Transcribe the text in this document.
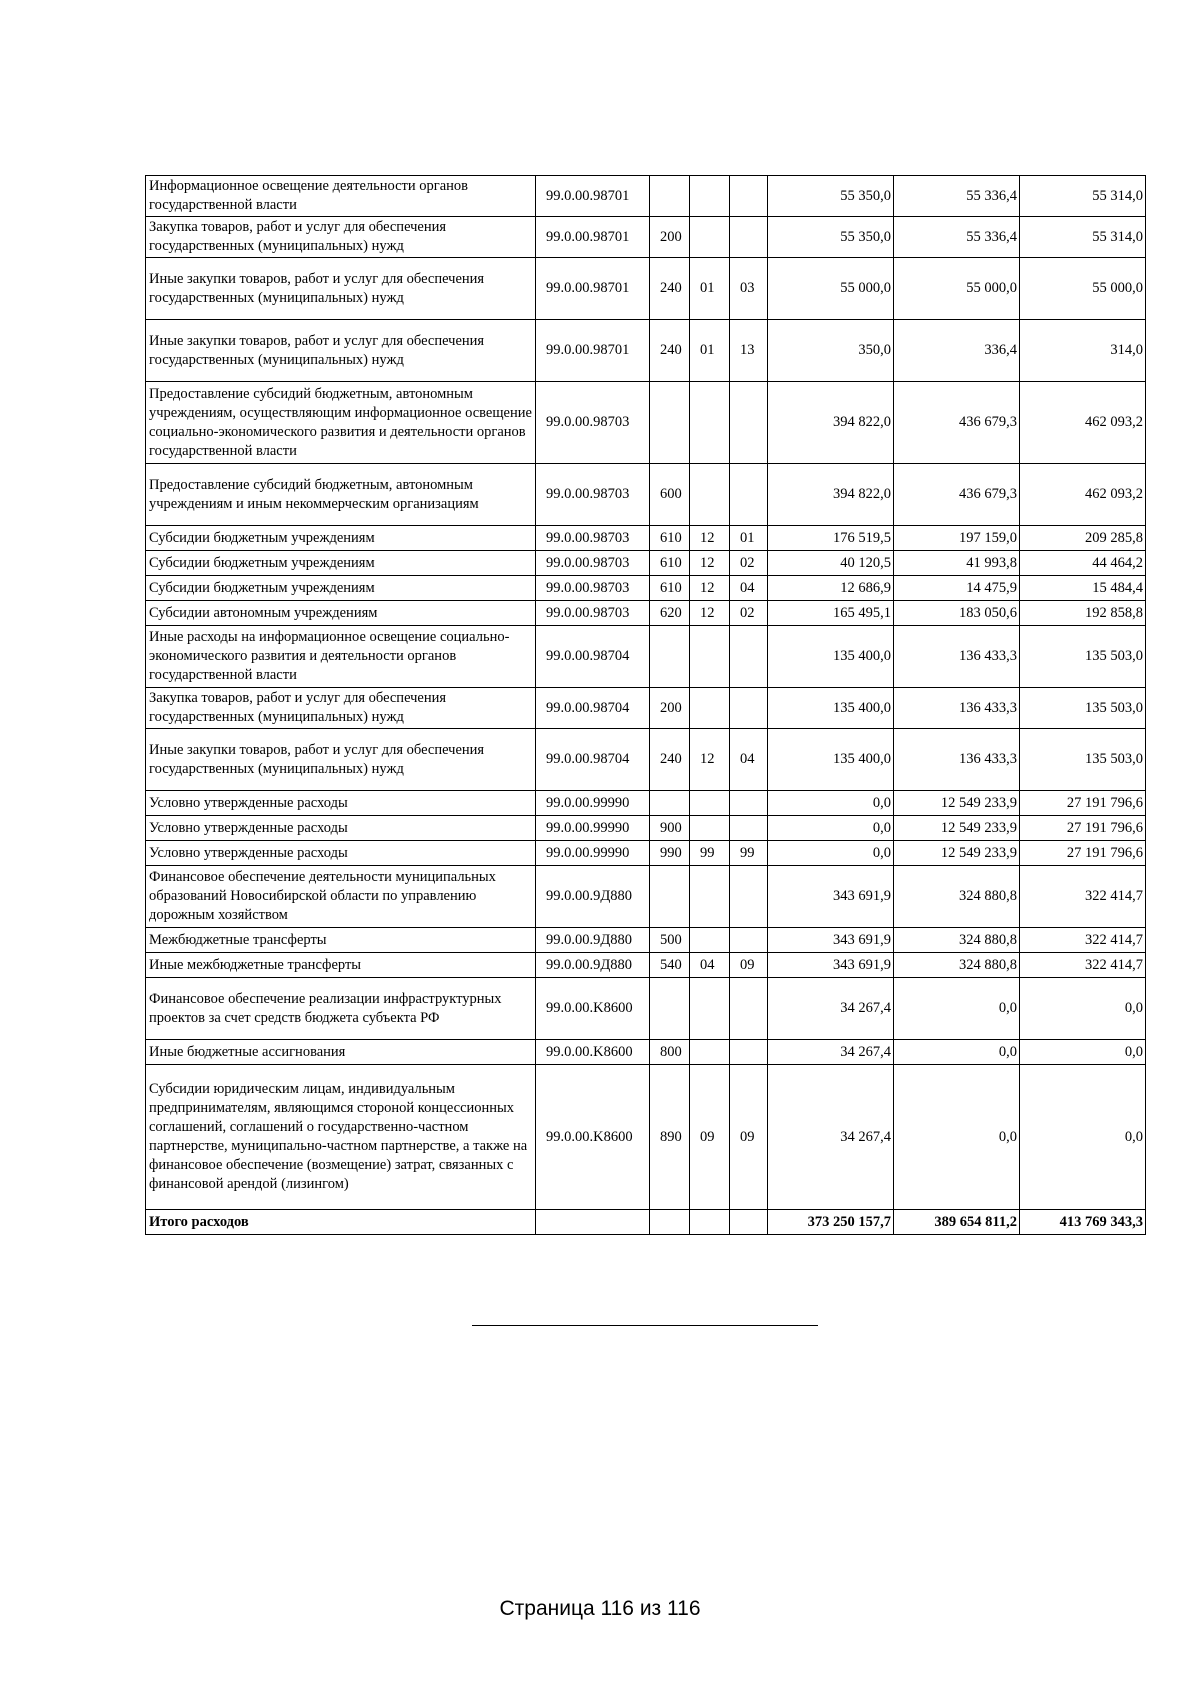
Информационное освещение деятельности органов государственной власти	99.0.00.98701				55 350,0	55 336,4	55 314,0
Закупка товаров, работ и услуг для обеспечения государственных (муниципальных) нужд	99.0.00.98701	200			55 350,0	55 336,4	55 314,0
Иные закупки товаров, работ и услуг для обеспечения государственных (муниципальных) нужд	99.0.00.98701	240	01	03	55 000,0	55 000,0	55 000,0
Иные закупки товаров, работ и услуг для обеспечения государственных (муниципальных) нужд	99.0.00.98701	240	01	13	350,0	336,4	314,0
Предоставление субсидий бюджетным, автономным учреждениям, осуществляющим информационное освещение социально-экономического развития и деятельности органов государственной власти	99.0.00.98703				394 822,0	436 679,3	462 093,2
Предоставление субсидий бюджетным, автономным учреждениям и иным некоммерческим организациям	99.0.00.98703	600			394 822,0	436 679,3	462 093,2
Субсидии бюджетным учреждениям	99.0.00.98703	610	12	01	176 519,5	197 159,0	209 285,8
Субсидии бюджетным учреждениям	99.0.00.98703	610	12	02	40 120,5	41 993,8	44 464,2
Субсидии бюджетным учреждениям	99.0.00.98703	610	12	04	12 686,9	14 475,9	15 484,4
Субсидии автономным учреждениям	99.0.00.98703	620	12	02	165 495,1	183 050,6	192 858,8
Иные расходы на информационное освещение социально-экономического развития и деятельности органов государственной власти	99.0.00.98704				135 400,0	136 433,3	135 503,0
Закупка товаров, работ и услуг для обеспечения государственных (муниципальных) нужд	99.0.00.98704	200			135 400,0	136 433,3	135 503,0
Иные закупки товаров, работ и услуг для обеспечения государственных (муниципальных) нужд	99.0.00.98704	240	12	04	135 400,0	136 433,3	135 503,0
Условно утвержденные расходы	99.0.00.99990				0,0	12 549 233,9	27 191 796,6
Условно утвержденные расходы	99.0.00.99990	900			0,0	12 549 233,9	27 191 796,6
Условно утвержденные расходы	99.0.00.99990	990	99	99	0,0	12 549 233,9	27 191 796,6
Финансовое обеспечение деятельности муниципальных образований Новосибирской области по управлению дорожным хозяйством	99.0.00.9Д880				343 691,9	324 880,8	322 414,7
Межбюджетные трансферты	99.0.00.9Д880	500			343 691,9	324 880,8	322 414,7
Иные межбюджетные трансферты	99.0.00.9Д880	540	04	09	343 691,9	324 880,8	322 414,7
Финансовое обеспечение реализации инфраструктурных проектов за счет средств бюджета субъекта РФ	99.0.00.K8600				34 267,4	0,0	0,0
Иные бюджетные ассигнования	99.0.00.K8600	800			34 267,4	0,0	0,0
Субсидии юридическим лицам, индивидуальным предпринимателям, являющимся стороной концессионных соглашений, соглашений о государственно-частном партнерстве, муниципально-частном партнерстве, а также на финансовое обеспечение (возмещение) затрат, связанных с финансовой арендой (лизингом)	99.0.00.K8600	890	09	09	34 267,4	0,0	0,0
Итого расходов					373 250 157,7	389 654 811,2	413 769 343,3
Страница 116 из 116
